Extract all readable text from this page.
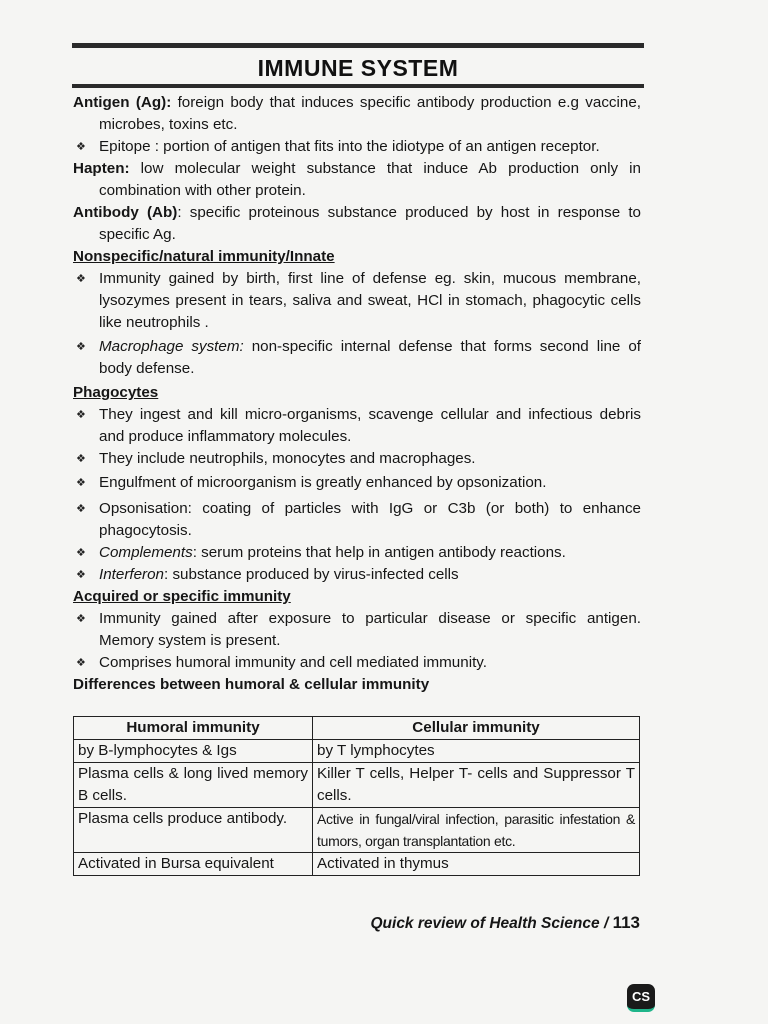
IMMUNE SYSTEM

Antigen (Ag): foreign body that induces specific antibody production e.g vaccine, microbes, toxins etc.

❖ Epitope : portion of antigen that fits into the idiotype of an antigen receptor.

Hapten: low molecular weight substance that induce Ab production only in combination with other protein.

Antibody (Ab): specific proteinous substance produced by host in response to specific Ag.

Nonspecific/natural immunity/Innate

❖ Immunity gained by birth, first line of defense eg. skin, mucous membrane, lysozymes present in tears, saliva and sweat, HCl in stomach, phagocytic cells like neutrophils .

❖ Macrophage system: non-specific internal defense that forms second line of body defense.

Phagocytes

❖ They ingest and kill micro-organisms, scavenge cellular and infectious debris and produce inflammatory molecules.

❖ They include neutrophils, monocytes and macrophages.

❖ Engulfment of microorganism is greatly enhanced by opsonization.

❖ Opsonisation: coating of particles with IgG or C3b (or both) to enhance phagocytosis.

❖ Complements: serum proteins that help in antigen antibody reactions.

❖ Interferon: substance produced by virus-infected cells

Acquired or specific immunity

❖ Immunity gained after exposure to particular disease or specific antigen. Memory system is present.

❖ Comprises humoral immunity and cell mediated immunity.

Differences between humoral & cellular immunity

Humoral immunity	Cellular immunity
by B-lymphocytes & Igs	by T lymphocytes
Plasma cells & long lived memory B cells.	Killer T cells, Helper T- cells and Suppressor T cells.
Plasma cells produce antibody.	Active in fungal/viral infection, parasitic infestation & tumors, organ transplantation etc.
Activated in Bursa equivalent	Activated in thymus
Quick review of Health Science / 113
CS
